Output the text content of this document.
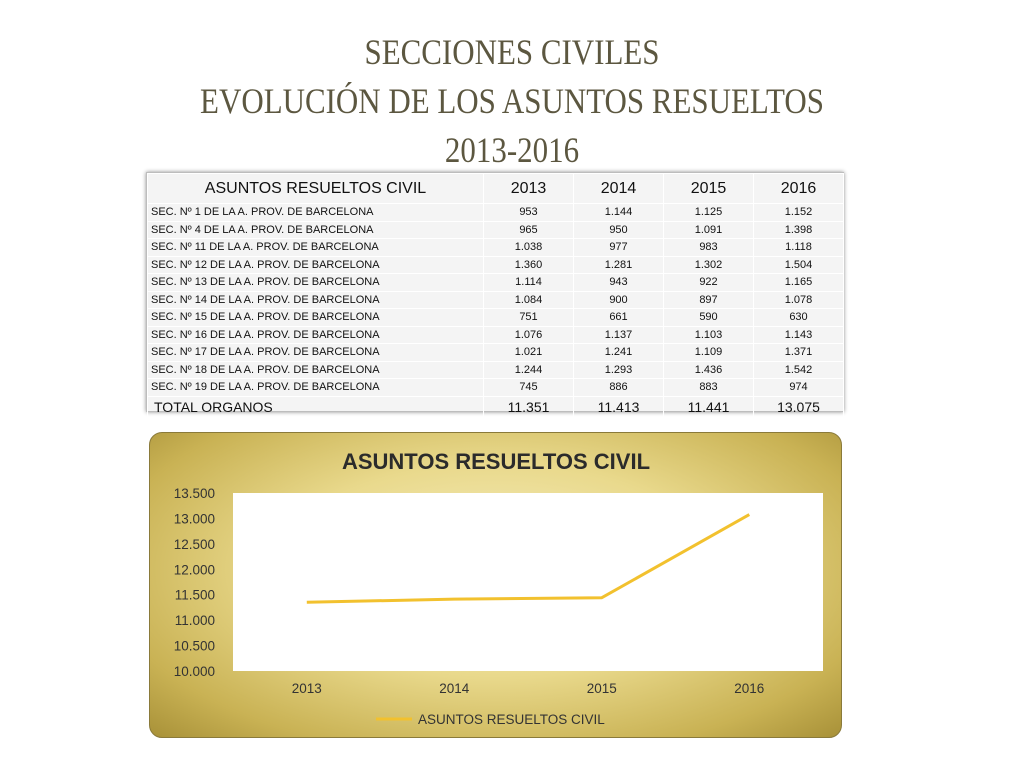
SECCIONES CIVILES
EVOLUCIÓN DE LOS ASUNTOS RESUELTOS
2013-2016
ASUNTOS RESUELTOS CIVIL	2013	2014	2015	2016
SEC. Nº 1 DE LA A. PROV. DE BARCELONA	953	1.144	1.125	1.152
SEC. Nº 4 DE LA A. PROV. DE BARCELONA	965	950	1.091	1.398
SEC. Nº 11 DE LA A. PROV. DE BARCELONA	1.038	977	983	1.118
SEC. Nº 12 DE LA A. PROV. DE BARCELONA	1.360	1.281	1.302	1.504
SEC. Nº 13 DE LA A. PROV. DE BARCELONA	1.114	943	922	1.165
SEC. Nº 14 DE LA A. PROV. DE BARCELONA	1.084	900	897	1.078
SEC. Nº 15 DE LA A. PROV. DE BARCELONA	751	661	590	630
SEC. Nº 16 DE LA A. PROV. DE BARCELONA	1.076	1.137	1.103	1.143
SEC. Nº 17 DE LA A. PROV. DE BARCELONA	1.021	1.241	1.109	1.371
SEC. Nº 18 DE LA A. PROV. DE BARCELONA	1.244	1.293	1.436	1.542
SEC. Nº 19 DE LA A. PROV. DE BARCELONA	745	886	883	974
TOTAL ORGANOS	11.351	11.413	11.441	13.075
ASUNTOS RESUELTOS CIVIL
10.000
10.500
11.000
11.500
12.000
12.500
13.000
13.500
2013	2014	2015	2016
ASUNTOS RESUELTOS CIVIL
